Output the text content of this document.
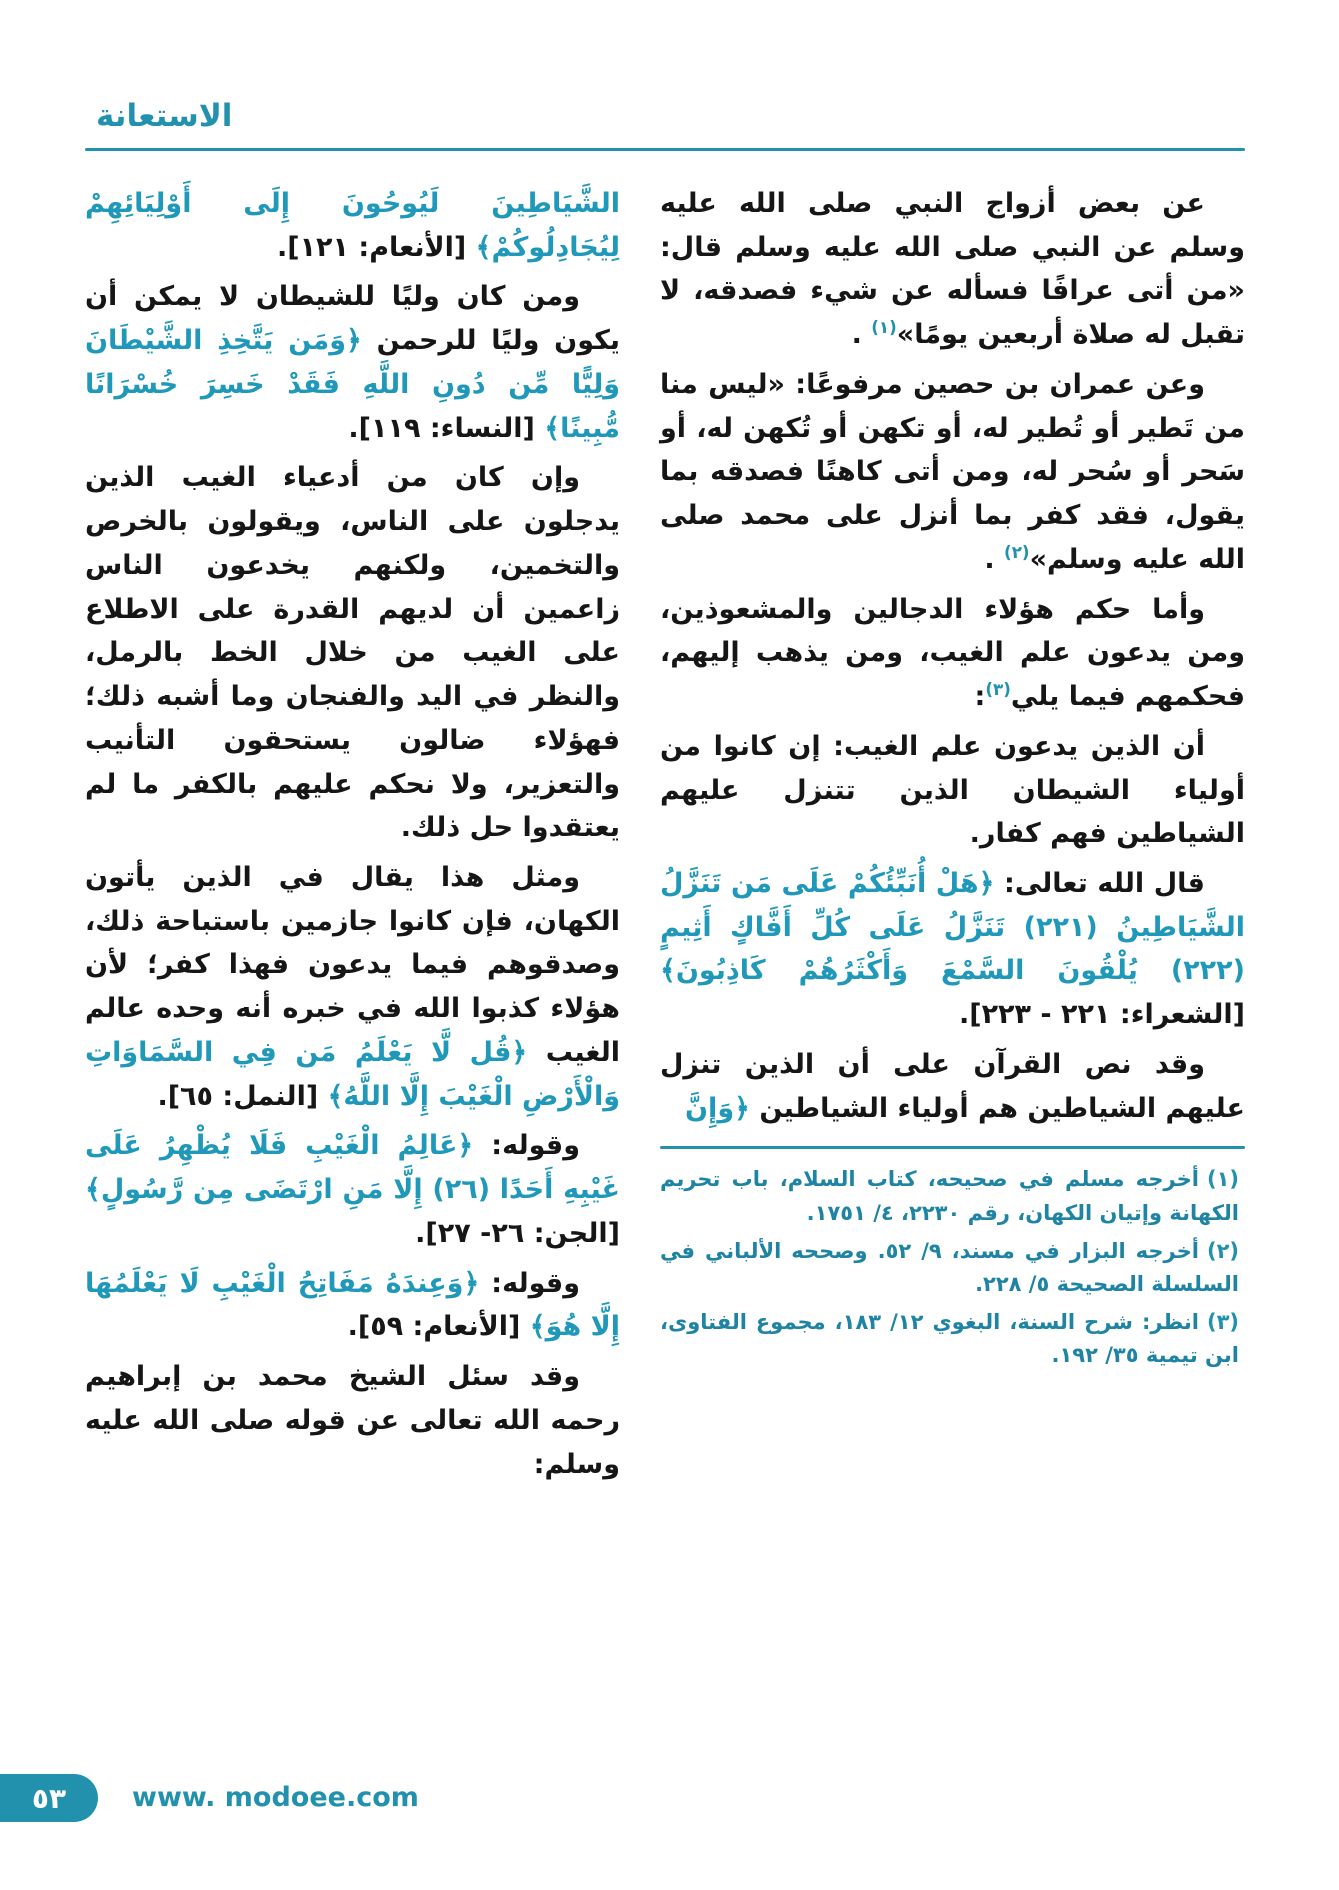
الاستعانة

عن بعض أزواج النبي صلى الله عليه وسلم عن النبي صلى الله عليه وسلم قال: «من أتى عرافًا فسأله عن شيء فصدقه، لا تقبل له صلاة أربعين يومًا»$^{(١)}$ .

وعن عمران بن حصين مرفوعًا: «ليس منا من تَطير أو تُطير له، أو تكهن أو تُكهن له، أو سَحر أو سُحر له، ومن أتى كاهنًا فصدقه بما يقول، فقد كفر بما أنزل على محمد صلى الله عليه وسلم»$^{(٢)}$ .

وأما حكم هؤلاء الدجالين والمشعوذين، ومن يدعون علم الغيب، ومن يذهب إليهم، فحكمهم فيما يلي$^{(٣)}$:

أن الذين يدعون علم الغيب: إن كانوا من أولياء الشيطان الذين تتنزل عليهم الشياطين فهم كفار.

قال الله تعالى: ﴿هَلْ أُنَبِّئُكُمْ عَلَى مَن تَنَزَّلُ الشَّيَاطِينُ (٢٢١) تَنَزَّلُ عَلَى كُلِّ أَفَّاكٍ أَثِيمٍ (٢٢٢) يُلْقُونَ السَّمْعَ وَأَكْثَرُهُمْ كَاذِبُونَ﴾ [الشعراء: ٢٢١ - ٢٢٣].

وقد نص القرآن على أن الذين تنزل عليهم الشياطين هم أولياء الشياطين ﴿وَإِنَّ

(١)أخرجه مسلم في صحيحه، كتاب السلام، باب تحريم الكهانة وإتيان الكهان، رقم ٢٢٣٠، ٤/ ١٧٥١.

(٢)أخرجه البزار في مسند، ٩/ ٥٢. وصححه الألباني في السلسلة الصحيحة ٥/ ٢٢٨.

(٣)انظر: شرح السنة، البغوي ١٢/ ١٨٣، مجموع الفتاوى، ابن تيمية ٣٥/ ١٩٢.

الشَّيَاطِينَ لَيُوحُونَ إِلَى أَوْلِيَائِهِمْ لِيُجَادِلُوكُمْ﴾ [الأنعام: ١٢١].

ومن كان وليًا للشيطان لا يمكن أن يكون وليًا للرحمن ﴿وَمَن يَتَّخِذِ الشَّيْطَانَ وَلِيًّا مِّن دُونِ اللَّهِ فَقَدْ خَسِرَ خُسْرَانًا مُّبِينًا﴾ [النساء: ١١٩].

وإن كان من أدعياء الغيب الذين يدجلون على الناس، ويقولون بالخرص والتخمين، ولكنهم يخدعون الناس زاعمين أن لديهم القدرة على الاطلاع على الغيب من خلال الخط بالرمل، والنظر في اليد والفنجان وما أشبه ذلك؛ فهؤلاء ضالون يستحقون التأنيب والتعزير، ولا نحكم عليهم بالكفر ما لم يعتقدوا حل ذلك.

ومثل هذا يقال في الذين يأتون الكهان، فإن كانوا جازمين باستباحة ذلك، وصدقوهم فيما يدعون فهذا كفر؛ لأن هؤلاء كذبوا الله في خبره أنه وحده عالم الغيب ﴿قُل لَّا يَعْلَمُ مَن فِي السَّمَاوَاتِ وَالْأَرْضِ الْغَيْبَ إِلَّا اللَّهُ﴾ [النمل: ٦٥].

وقوله: ﴿عَالِمُ الْغَيْبِ فَلَا يُظْهِرُ عَلَى غَيْبِهِ أَحَدًا (٢٦) إِلَّا مَنِ ارْتَضَى مِن رَّسُولٍ﴾ [الجن: ٢٦- ٢٧].

وقوله: ﴿وَعِندَهُ مَفَاتِحُ الْغَيْبِ لَا يَعْلَمُهَا إِلَّا هُوَ﴾ [الأنعام: ٥٩].

وقد سئل الشيخ محمد بن إبراهيم رحمه الله تعالى عن قوله صلى الله عليه وسلم:

٥٣ www. modoee.com
